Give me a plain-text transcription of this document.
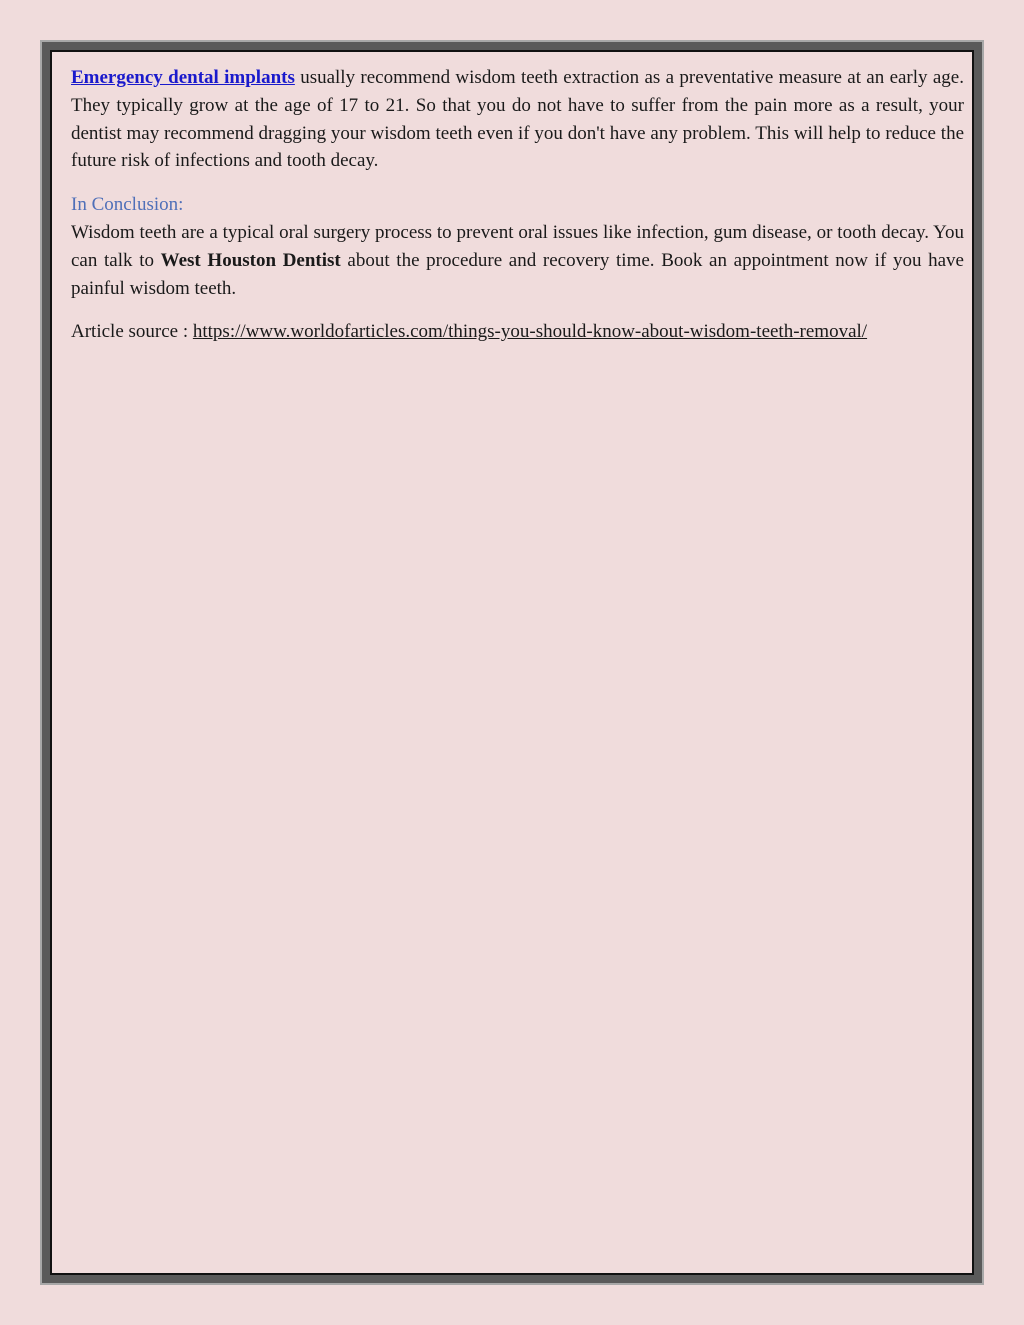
Emergency dental implants usually recommend wisdom teeth extraction as a preventative measure at an early age. They typically grow at the age of 17 to 21. So that you do not have to suffer from the pain more as a result, your dentist may recommend dragging your wisdom teeth even if you don't have any problem. This will help to reduce the future risk of infections and tooth decay.

In Conclusion:

Wisdom teeth are a typical oral surgery process to prevent oral issues like infection, gum disease, or tooth decay. You can talk to West Houston Dentist about the procedure and recovery time. Book an appointment now if you have painful wisdom teeth.

Article source : https://www.worldofarticles.com/things-you-should-know-about-wisdom-teeth-removal/
